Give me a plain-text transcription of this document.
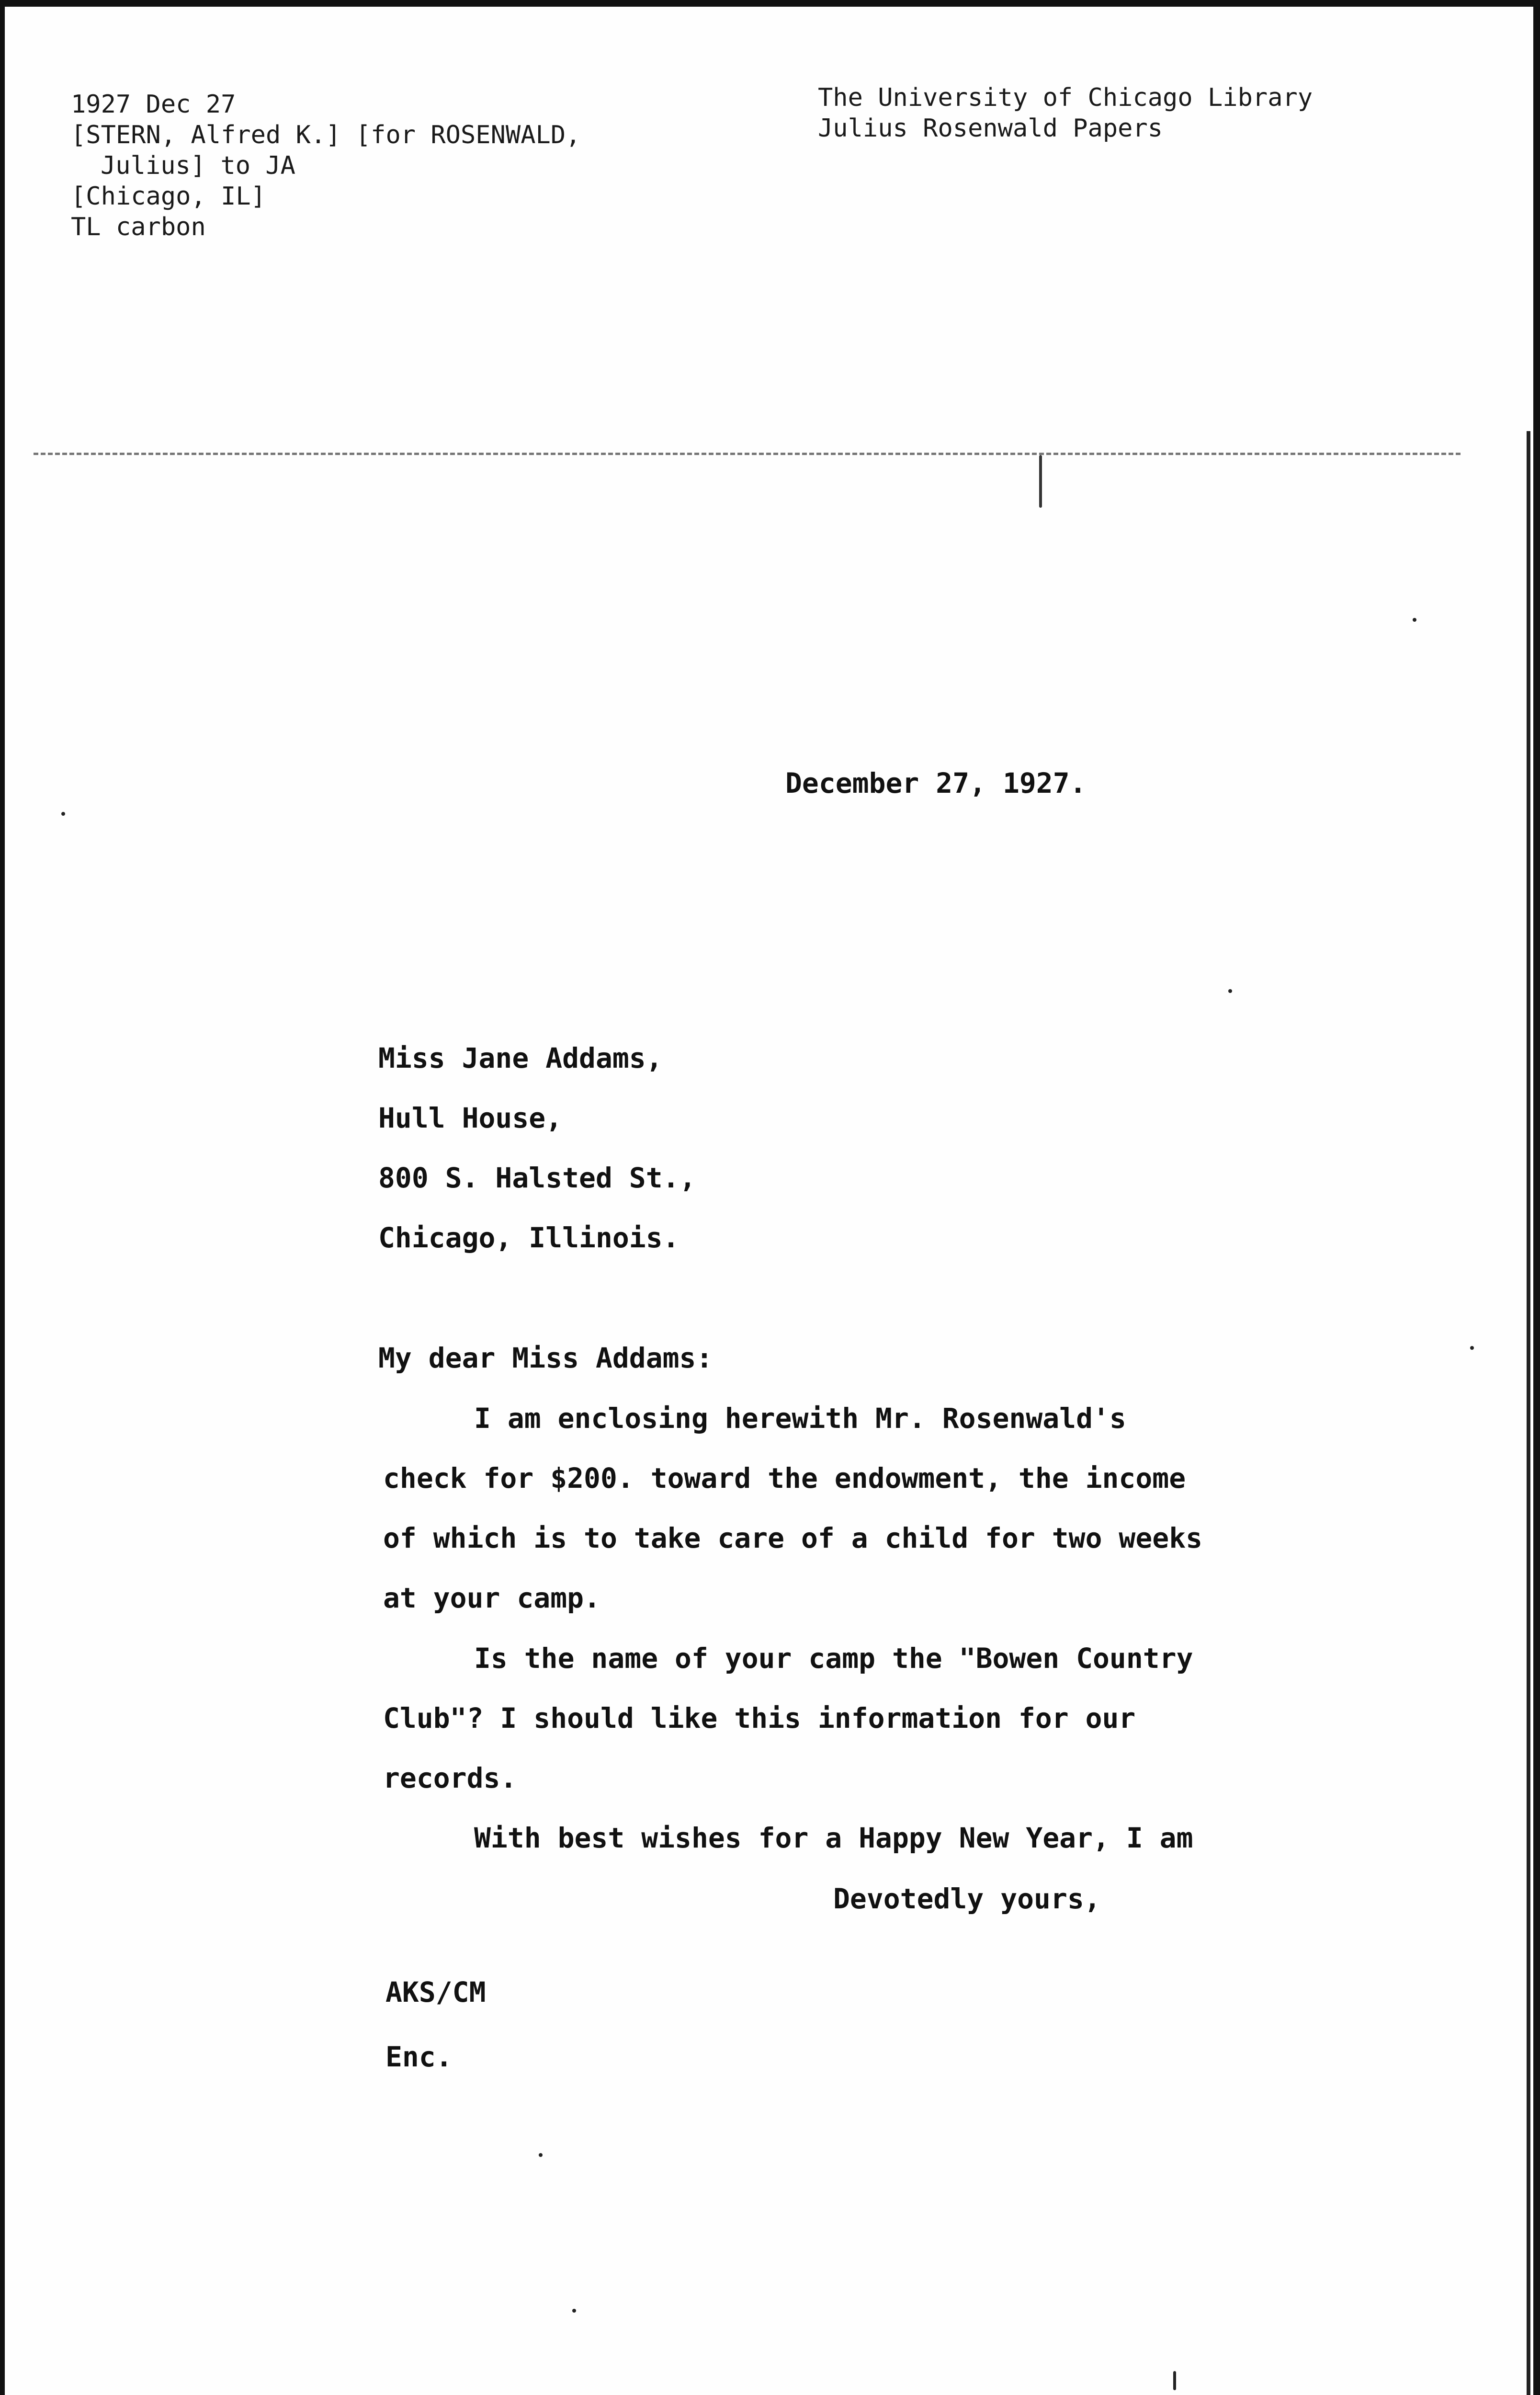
1927 Dec 27
[STERN, Alfred K.] [for ROSENWALD,
Julius] to JA
[Chicago, IL]
TL carbon
The University of Chicago Library
Julius Rosenwald Papers
December 27, 1927.
Miss Jane Addams,
Hull House,
800 S. Halsted St.,
Chicago, Illinois.
My dear Miss Addams:
I am enclosing herewith Mr. Rosenwald's
check for $200. toward the endowment, the income
of which is to take care of a child for two weeks
at your camp.
Is the name of your camp the "Bowen Country
Club"? I should like this information for our
records.
With best wishes for a Happy New Year, I am
Devotedly yours,
AKS/CM
Enc.
